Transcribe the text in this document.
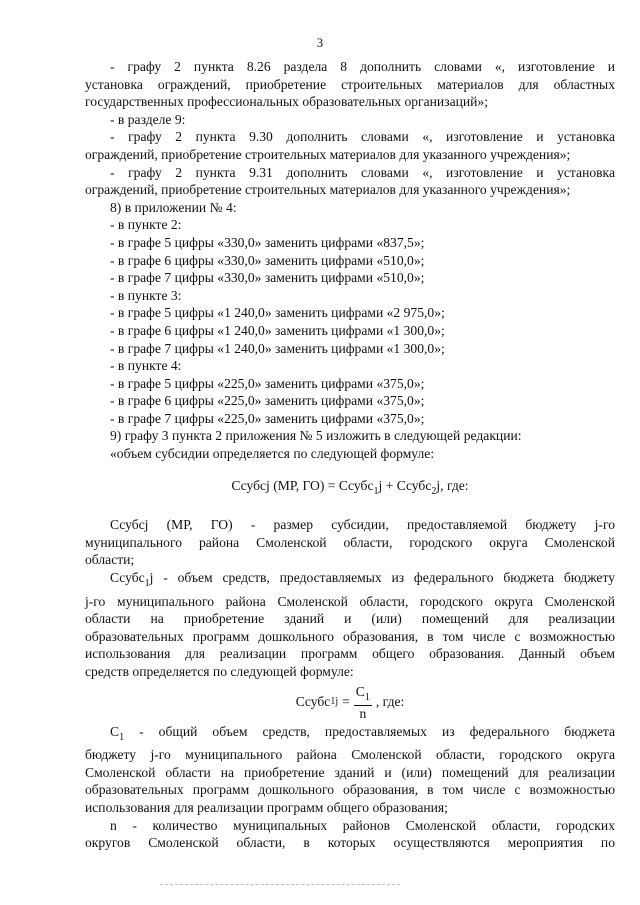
3

- графу 2 пункта 8.26 раздела 8 дополнить словами «, изготовление и

установка ограждений, приобретение строительных материалов для областных

государственных профессиональных образовательных организаций»;

- в разделе 9:

- графу 2 пункта 9.30 дополнить словами «, изготовление и установка

ограждений, приобретение строительных материалов для указанного учреждения»;

- графу 2 пункта 9.31 дополнить словами «, изготовление и установка

ограждений, приобретение строительных материалов для указанного учреждения»;

8) в приложении № 4:

- в пункте 2:

- в графе 5 цифры «330,0» заменить цифрами «837,5»;

- в графе 6 цифры «330,0» заменить цифрами «510,0»;

- в графе 7 цифры «330,0» заменить цифрами «510,0»;

- в пункте 3:

- в графе 5 цифры «1 240,0» заменить цифрами «2 975,0»;

- в графе 6 цифры «1 240,0» заменить цифрами «1 300,0»;

- в графе 7 цифры «1 240,0» заменить цифрами «1 300,0»;

- в пункте 4:

- в графе 5 цифры «225,0» заменить цифрами «375,0»;

- в графе 6 цифры «225,0» заменить цифрами «375,0»;

- в графе 7 цифры «225,0» заменить цифрами «375,0»;

9) графу 3 пункта 2 приложения № 5 изложить в следующей редакции:

«объем субсидии определяется по следующей формуле:

Ссубсj (МР, ГО) = Ссубс$_1$j + Ссубс$_2$j, где:

Ссубсj (МР, ГО) - размер субсидии, предоставляемой бюджету j-го

муниципального района Смоленской области, городского округа Смоленской

области;

Ссубс$_1$j - объем средств, предоставляемых из федерального бюджета бюджету

j-го муниципального района Смоленской области, городского округа Смоленской

области на приобретение зданий и (или) помещений для реализации

образовательных программ дошкольного образования, в том числе с возможностью

использования для реализации программ общего образования. Данный объем

средств определяется по следующей формуле:

Ссубс $1j = \frac{С_1}{n}$ , где:

$С_1$ - общий объем средств, предоставляемых из федерального бюджета

бюджету j-го муниципального района Смоленской области, городского округа

Смоленской области на приобретение зданий и (или) помещений для реализации

образовательных программ дошкольного образования, в том числе с возможностью

использования для реализации программ общего образования;

n - количество муниципальных районов Смоленской области, городских

округов Смоленской области, в которых осуществляются мероприятия по
